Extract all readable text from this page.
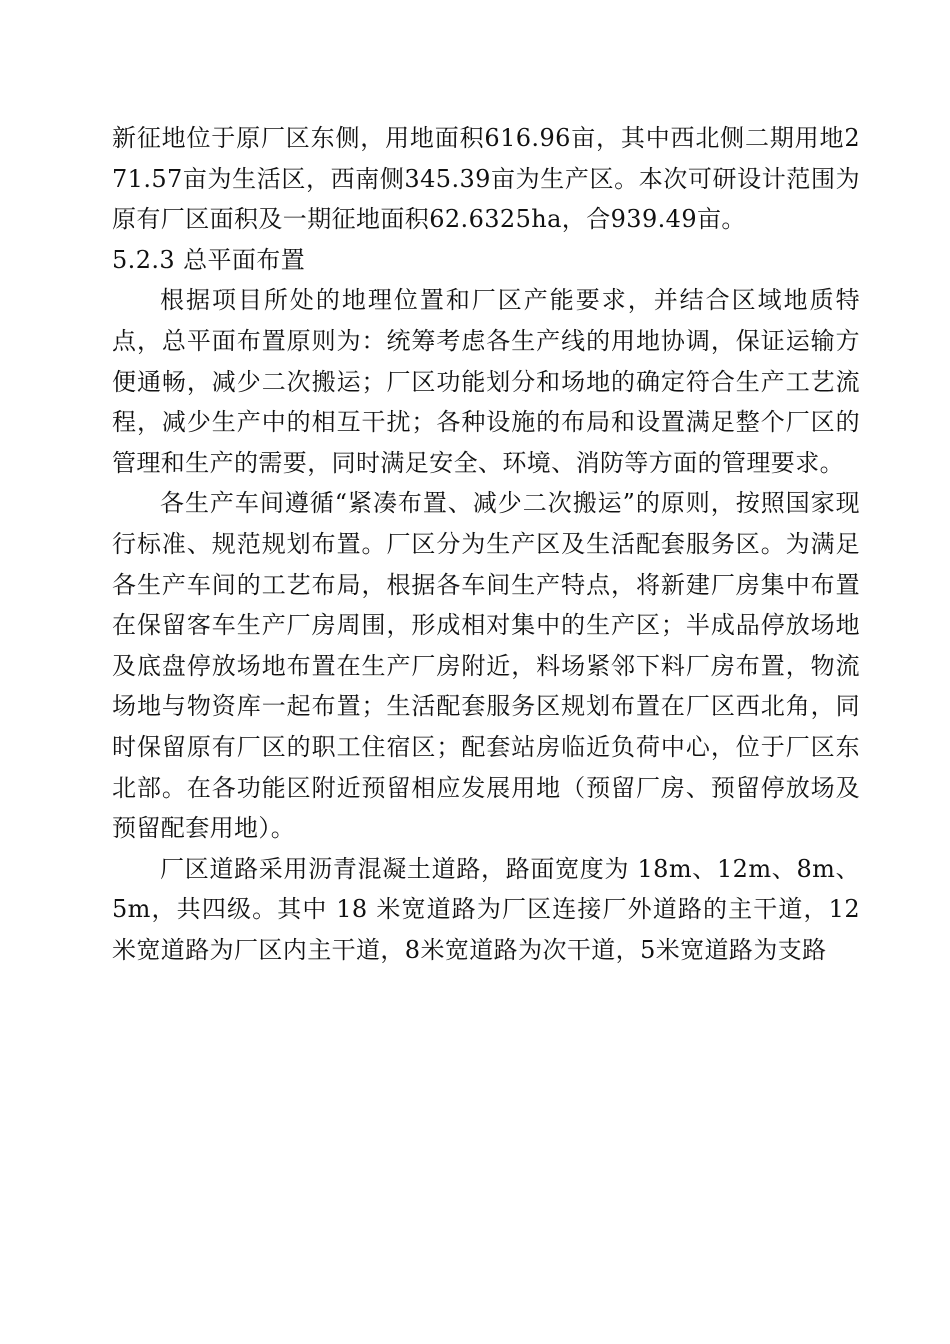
新征地位于原厂区东侧，用地面积616.96亩，其中西北侧二期用地271.57亩为生活区，西南侧345.39亩为生产区。本次可研设计范围为原有厂区面积及一期征地面积62.6325ha，合939.49亩。

5.2.3 总平面布置

根据项目所处的地理位置和厂区产能要求，并结合区域地质特点，总平面布置原则为：统筹考虑各生产线的用地协调，保证运输方便通畅，减少二次搬运；厂区功能划分和场地的确定符合生产工艺流程，减少生产中的相互干扰；各种设施的布局和设置满足整个厂区的管理和生产的需要，同时满足安全、环境、消防等方面的管理要求。

各生产车间遵循“紧凑布置、减少二次搬运”的原则，按照国家现行标准、规范规划布置。厂区分为生产区及生活配套服务区。为满足各生产车间的工艺布局，根据各车间生产特点，将新建厂房集中布置在保留客车生产厂房周围，形成相对集中的生产区；半成品停放场地及底盘停放场地布置在生产厂房附近，料场紧邻下料厂房布置，物流场地与物资库一起布置；生活配套服务区规划布置在厂区西北角，同时保留原有厂区的职工住宿区；配套站房临近负荷中心，位于厂区东北部。在各功能区附近预留相应发展用地（预留厂房、预留停放场及预留配套用地）。

厂区道路采用沥青混凝土道路，路面宽度为 18m、12m、8m、5m，共四级。其中 18 米宽道路为厂区连接厂外道路的主干道，12米宽道路为厂区内主干道，8米宽道路为次干道，5米宽道路为支路
